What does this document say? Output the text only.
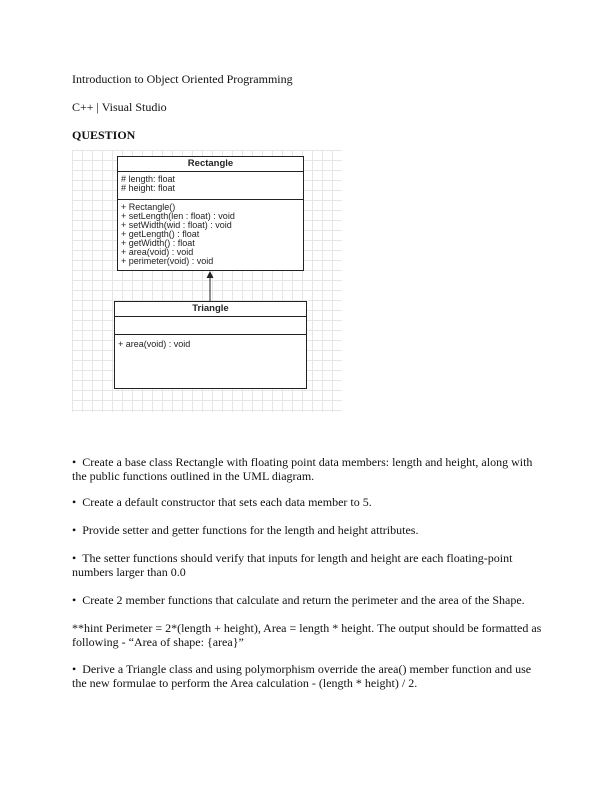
Introduction to Object Oriented Programming
C++ | Visual Studio
QUESTION
Rectangle
# length: float
# height: float
+ Rectangle()
+ setLength(len : float) : void
+ setWidth(wid : float) : void
+ getLength() : float
+ getWidth() : float
+ area(void) : void
+ perimeter(void) : void
Triangle
+ area(void) : void
• Create a base class Rectangle with floating point data members: length and height, along with the public functions outlined in the UML diagram.
• Create a default constructor that sets each data member to 5.
• Provide setter and getter functions for the length and height attributes.
• The setter functions should verify that inputs for length and height are each floating-point numbers larger than 0.0
• Create 2 member functions that calculate and return the perimeter and the area of the Shape.
**hint Perimeter = 2*(length + height), Area = length * height. The output should be formatted as following - “Area of shape: {area}”
• Derive a Triangle class and using polymorphism override the area() member function and use the new formulae to perform the Area calculation - (length * height) / 2.
